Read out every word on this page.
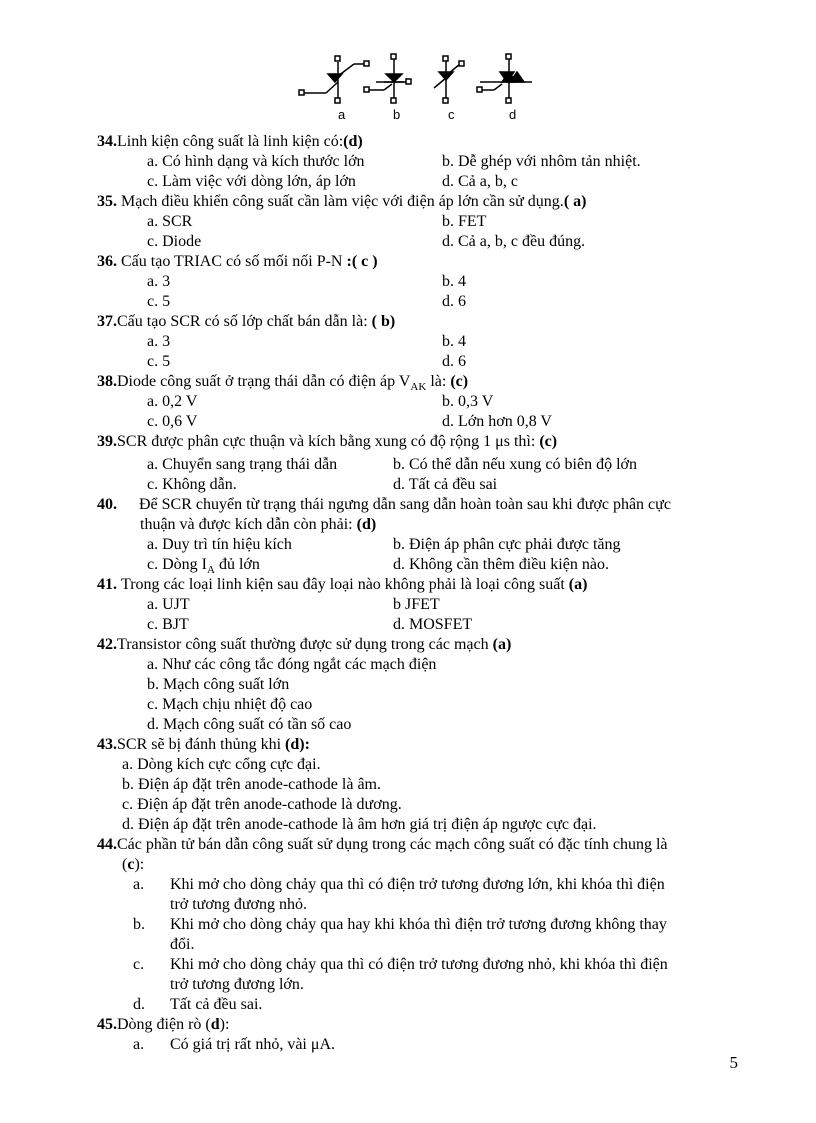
a	b	c	d
34.Linh kiện công suất là linh kiện có:(d)
a. Có hình dạng và kích thước lớn	b. Dễ ghép với nhôm tản nhiệt.
c. Làm việc với dòng lớn, áp lớn	d. Cả a, b, c
35. Mạch điều khiển công suất cần làm việc với điện áp lớn cần sử dụng.( a)
a. SCR	b. FET
c. Diode	d. Cả a, b, c đều đúng.
36. Cấu tạo TRIAC có số mối nối P-N :( c )
a. 3	b. 4
c. 5	d. 6
37.Cấu tạo SCR có số lớp chất bán dẫn là: ( b)
a. 3	b. 4
c. 5	d. 6
38.Diode công suất ở trạng thái dẫn có điện áp $V_{AK}$ là: (c)
a. 0,2 V	b. 0,3 V
c. 0,6 V	d. Lớn hơn 0,8 V
39.SCR được phân cực thuận và kích bằng xung có độ rộng 1 μs thì: (c)
a. Chuyển sang trạng thái dẫn	b. Có thể dẫn nếu xung có biên độ lớn
c. Không dẫn.	d. Tất cả đều sai
40. Để SCR chuyển từ trạng thái ngưng dẫn sang dẫn hoàn toàn sau khi được phân cực
thuận và được kích dẫn còn phải: (d)
a. Duy trì tín hiệu kích	b. Điện áp phân cực phải được tăng
c. Dòng $I_A$ đủ lớn	d. Không cần thêm điều kiện nào.
41. Trong các loại linh kiện sau đây loại nào không phải là loại công suất (a)
a. UJT	b JFET
c. BJT	d. MOSFET
42.Transistor công suất thường được sử dụng trong các mạch (a)
a. Như các công tắc đóng ngắt các mạch điện
b. Mạch công suất lớn
c. Mạch chịu nhiệt độ cao
d. Mạch công suất có tần số cao
43.SCR sẽ bị đánh thủng khi (d):
a. Dòng kích cực cổng cực đại.
b. Điện áp đặt trên anode-cathode là âm.
c. Điện áp đặt trên anode-cathode là dương.
d. Điện áp đặt trên anode-cathode là âm hơn giá trị điện áp ngược cực đại.
44.Các phần tử bán dẫn công suất sử dụng trong các mạch công suất có đặc tính chung là
(c):
a. Khi mở cho dòng chảy qua thì có điện trở tương đương lớn, khi khóa thì điện
trở tương đương nhỏ.
b. Khi mở cho dòng chảy qua hay khi khóa thì điện trở tương đương không thay
đổi.
c. Khi mở cho dòng chảy qua thì có điện trở tương đương nhỏ, khi khóa thì điện
trở tương đương lớn.
d. Tất cả đều sai.
45.Dòng điện rò (d):
a. Có giá trị rất nhỏ, vài μA.
5
